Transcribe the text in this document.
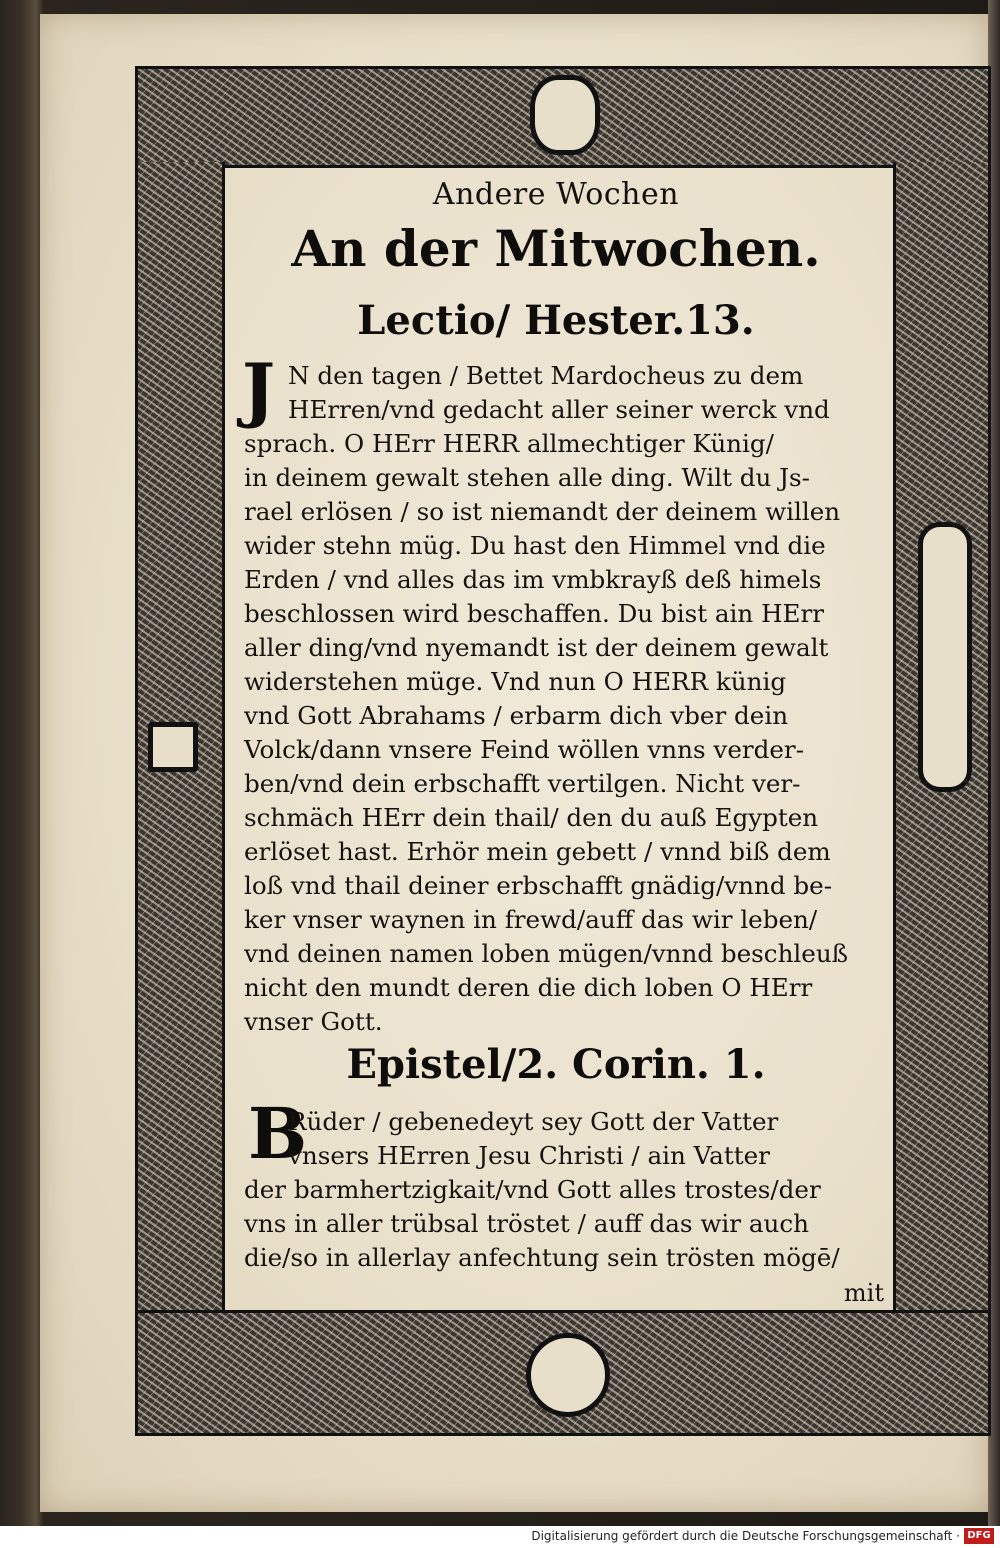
Andere Wochen
An der Mitwochen.
Lectio/ Hester.13.
J N den tagen / Bettet Mardocheus zu dem
HErren/vnd gedacht aller seiner werck vnd
sprach. O HErr HERR allmechtiger Künig/
in deinem gewalt stehen alle ding. Wilt du Js-
rael erlösen / so ist niemandt der deinem willen
wider stehn müg. Du hast den Himmel vnd die
Erden / vnd alles das im vmbkrayß deß himels
beschlossen wird beschaffen. Du bist ain HErr
aller ding/vnd nyemandt ist der deinem gewalt
widerstehen müge. Vnd nun O HERR künig
vnd Gott Abrahams / erbarm dich vber dein
Volck/dann vnsere Feind wöllen vnns verder-
ben/vnd dein erbschafft vertilgen. Nicht ver-
schmäch HErr dein thail/ den du auß Egypten
erlöset hast. Erhör mein gebett / vnnd biß dem
loß vnd thail deiner erbschafft gnädig/vnnd be-
ker vnser waynen in frewd/auff das wir leben/
vnd deinen namen loben mügen/vnnd beschleuß
nicht den mundt deren die dich loben O HErr
vnser Gott.

Epistel/2. Corin. 1.
B

Rüder / gebenedeyt sey Gott der Vatter
vnsers HErren Jesu Christi / ain Vatter
der barmhertzigkait/vnd Gott alles trostes/der
vns in aller trübsal tröstet / auff das wir auch
die/so in allerlay anfechtung sein trösten mögē/

mit
Digitalisierung gefördert durch die Deutsche Forschungsgemeinschaft · DFG
